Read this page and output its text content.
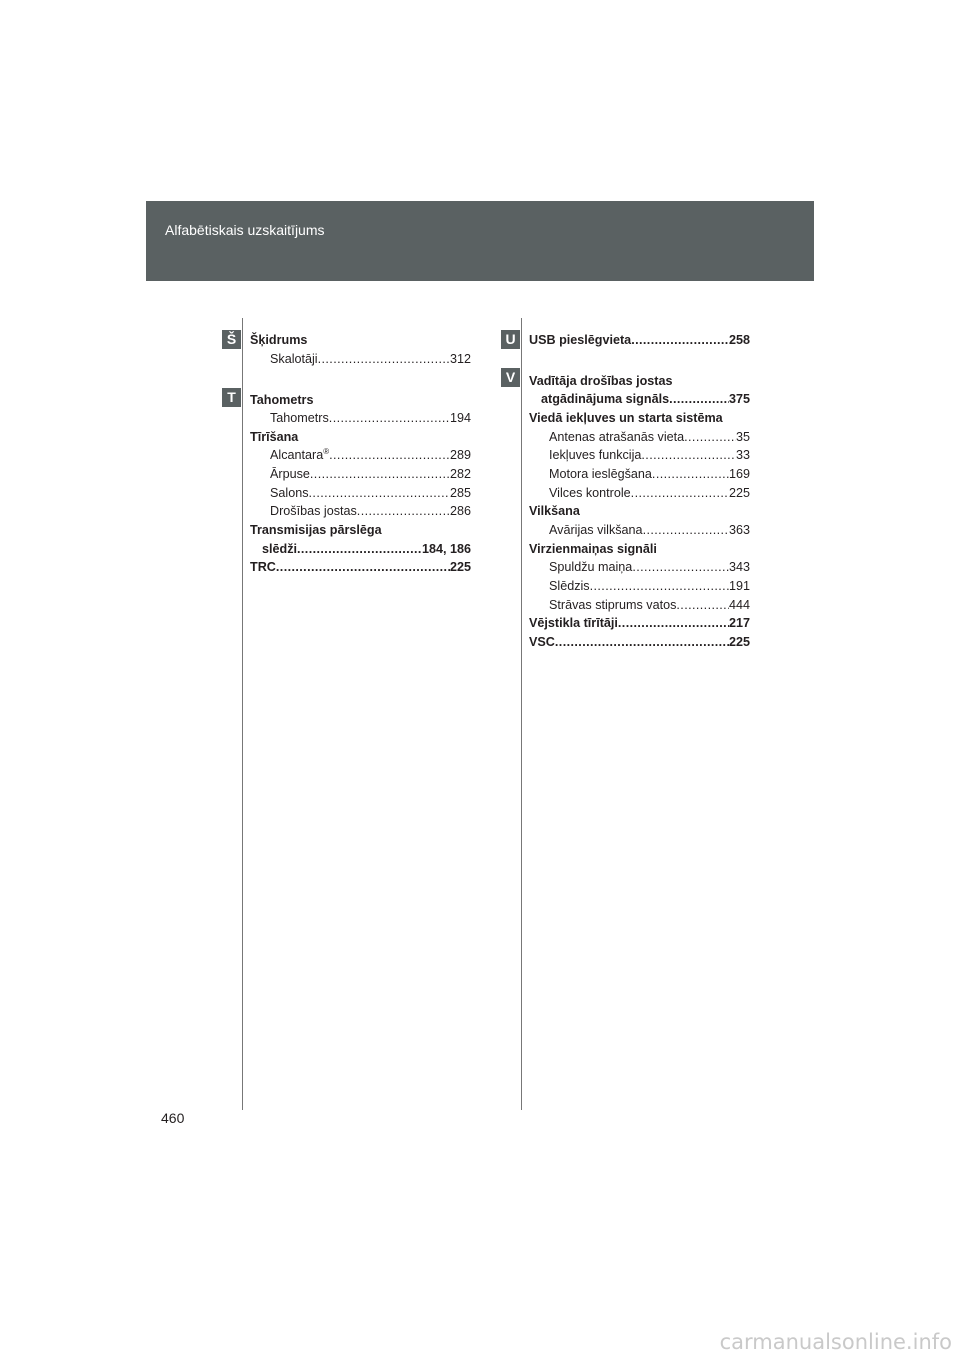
Alfabētiskais uzskaitījums
Š
T
U
V
Šķidrums
Skalotāji .....	312
Tahometrs
Tahometrs .....	194
Tīrīšana
Alcantara® .....	289
Ārpuse .....	282
Salons .....	285
Drošības jostas .....	286
Transmisijas pārslēga
slēdži .....	184, 186
TRC .....	225
USB pieslēgvieta .....	258
Vadītāja drošības jostas
atgādinājuma signāls .....	375
Viedā iekļuves un starta sistēma
Antenas atrašanās vieta .....	35
Iekļuves funkcija .....	33
Motora ieslēgšana .....	169
Vilces kontrole .....	225
Vilkšana
Avārijas vilkšana .....	363
Virzienmaiņas signāli
Spuldžu maiņa .....	343
Slēdzis .....	191
Strāvas stiprums vatos .....	444
Vējstikla tīrītāji .....	217
VSC .....	225
460
carmanualsonline.info
